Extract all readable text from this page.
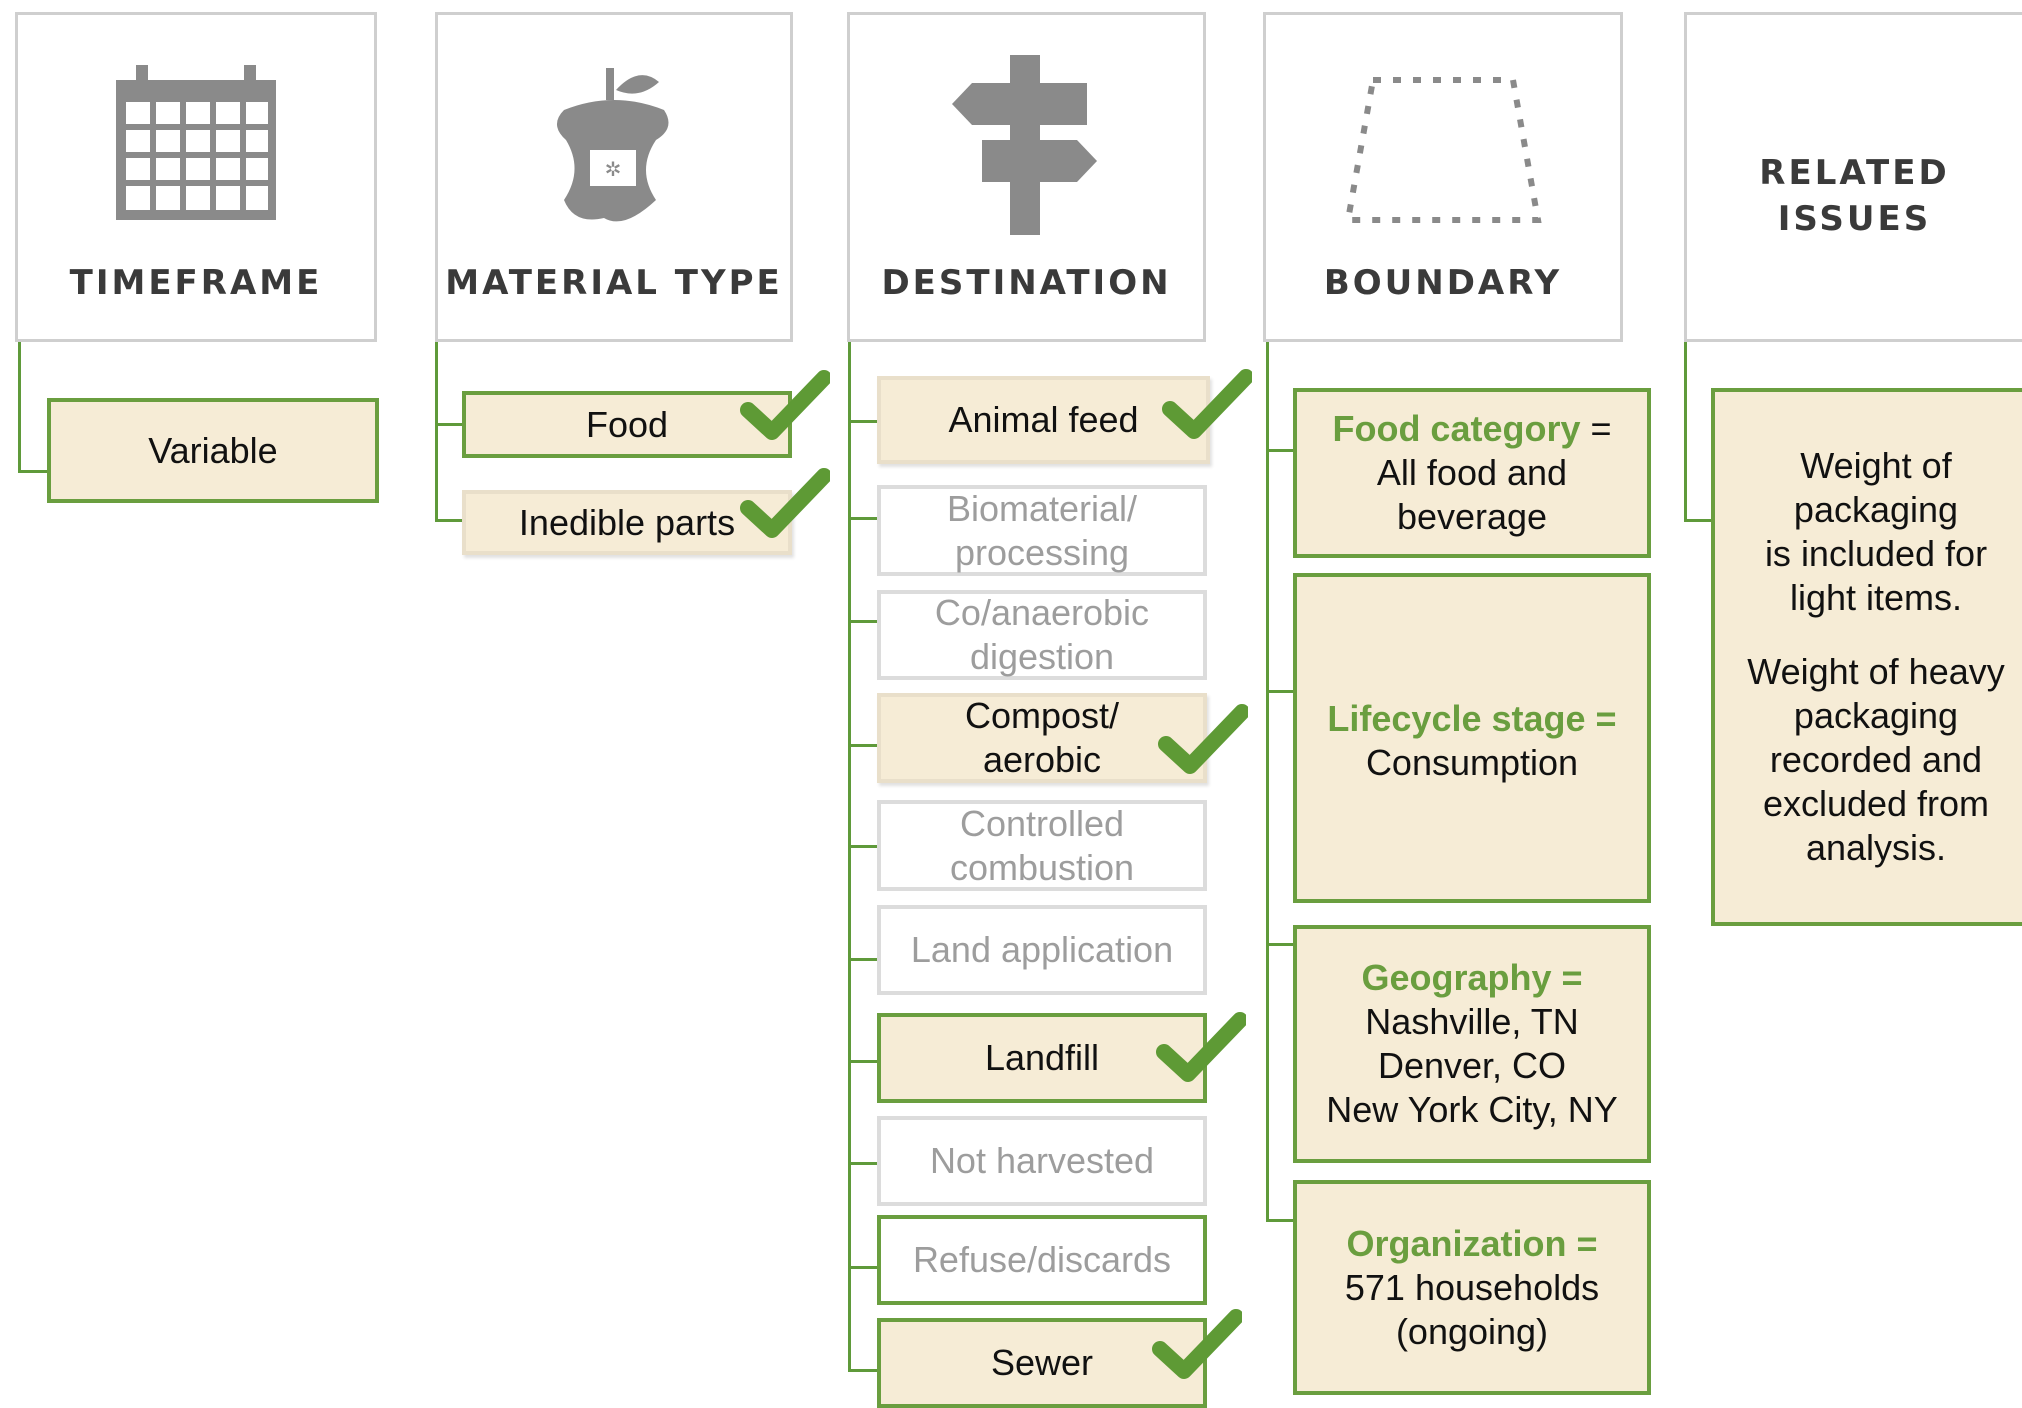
TIMEFRAME
✲
MATERIAL TYPE	DESTINATION	BOUNDARY
RELATED
ISSUES
Variable
Food
Inedible parts
Animal feed
Biomaterial/
processing
Co/anaerobic
digestion
Compost/
aerobic
Controlled
combustion
Land application
Landfill
Not harvested
Refuse/discards
Sewer
Food category =
All food and
beverage
Lifecycle stage =
Consumption
Geography =
Nashville, TN
Denver, CO
New York City, NY
Organization =
571 households
(ongoing)
Weight of
packaging
is included for
light items.
Weight of heavy
packaging
recorded and
excluded from
analysis.
